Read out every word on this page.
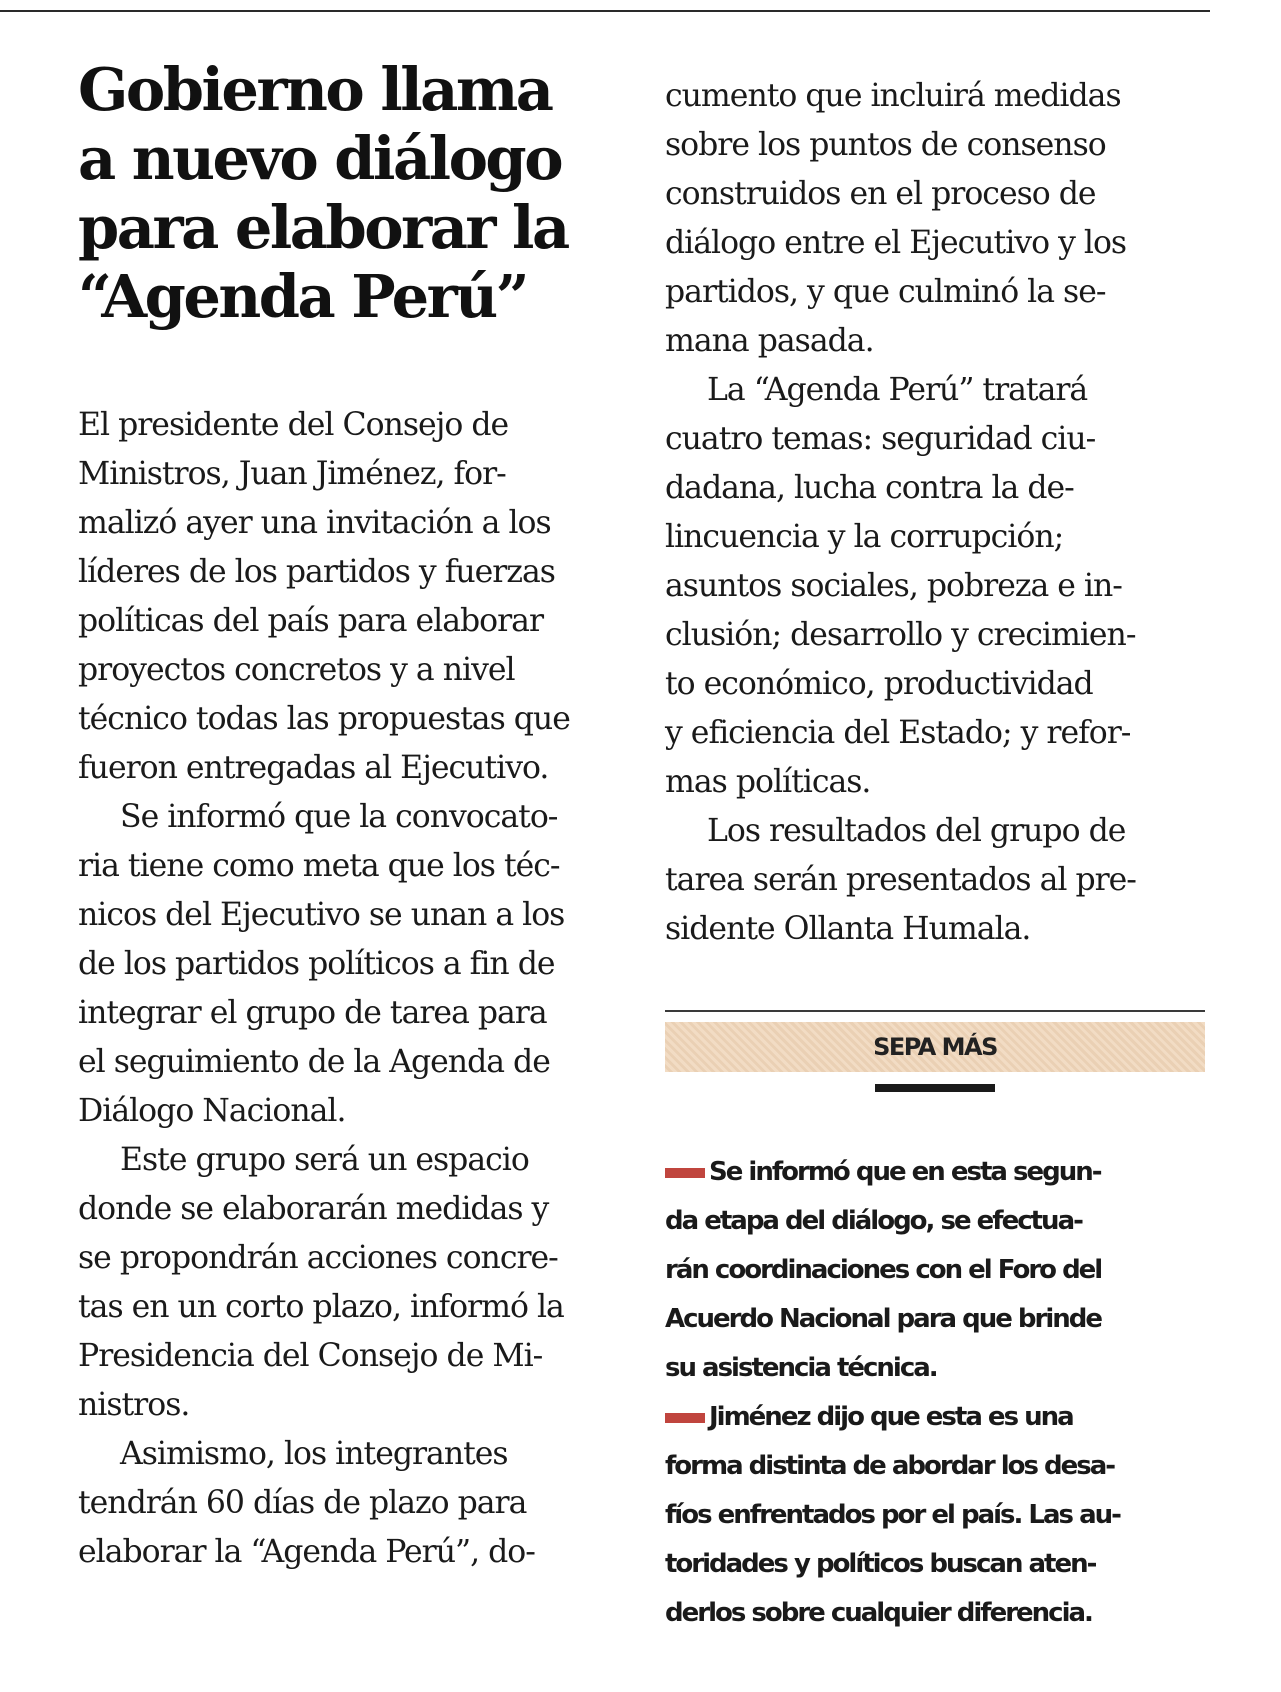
Gobierno llama
a nuevo diálogo
para elaborar la
“Agenda Perú”
El presidente del Consejo de
Ministros, Juan Jiménez, for-
malizó ayer una invitación a los
líderes de los partidos y fuerzas
políticas del país para elaborar
proyectos concretos y a nivel
técnico todas las propuestas que
fueron entregadas al Ejecutivo.
Se informó que la convocato-
ria tiene como meta que los téc-
nicos del Ejecutivo se unan a los
de los partidos políticos a fin de
integrar el grupo de tarea para
el seguimiento de la Agenda de
Diálogo Nacional.
Este grupo será un espacio
donde se elaborarán medidas y
se propondrán acciones concre-
tas en un corto plazo, informó la
Presidencia del Consejo de Mi-
nistros.
Asimismo, los integrantes
tendrán 60 días de plazo para
elaborar la “Agenda Perú”, do-
cumento que incluirá medidas
sobre los puntos de consenso
construidos en el proceso de
diálogo entre el Ejecutivo y los
partidos, y que culminó la se-
mana pasada.
La “Agenda Perú” tratará
cuatro temas: seguridad ciu-
dadana, lucha contra la de-
lincuencia y la corrupción;
asuntos sociales, pobreza e in-
clusión; desarrollo y crecimien-
to económico, productividad
y eficiencia del Estado; y refor-
mas políticas.
Los resultados del grupo de
tarea serán presentados al pre-
sidente Ollanta Humala.
SEPA MÁS
Se informó que en esta segun-
da etapa del diálogo, se efectua-
rán coordinaciones con el Foro del
Acuerdo Nacional para que brinde
su asistencia técnica.
Jiménez dijo que esta es una
forma distinta de abordar los desa-
fíos enfrentados por el país. Las au-
toridades y políticos buscan aten-
derlos sobre cualquier diferencia.
